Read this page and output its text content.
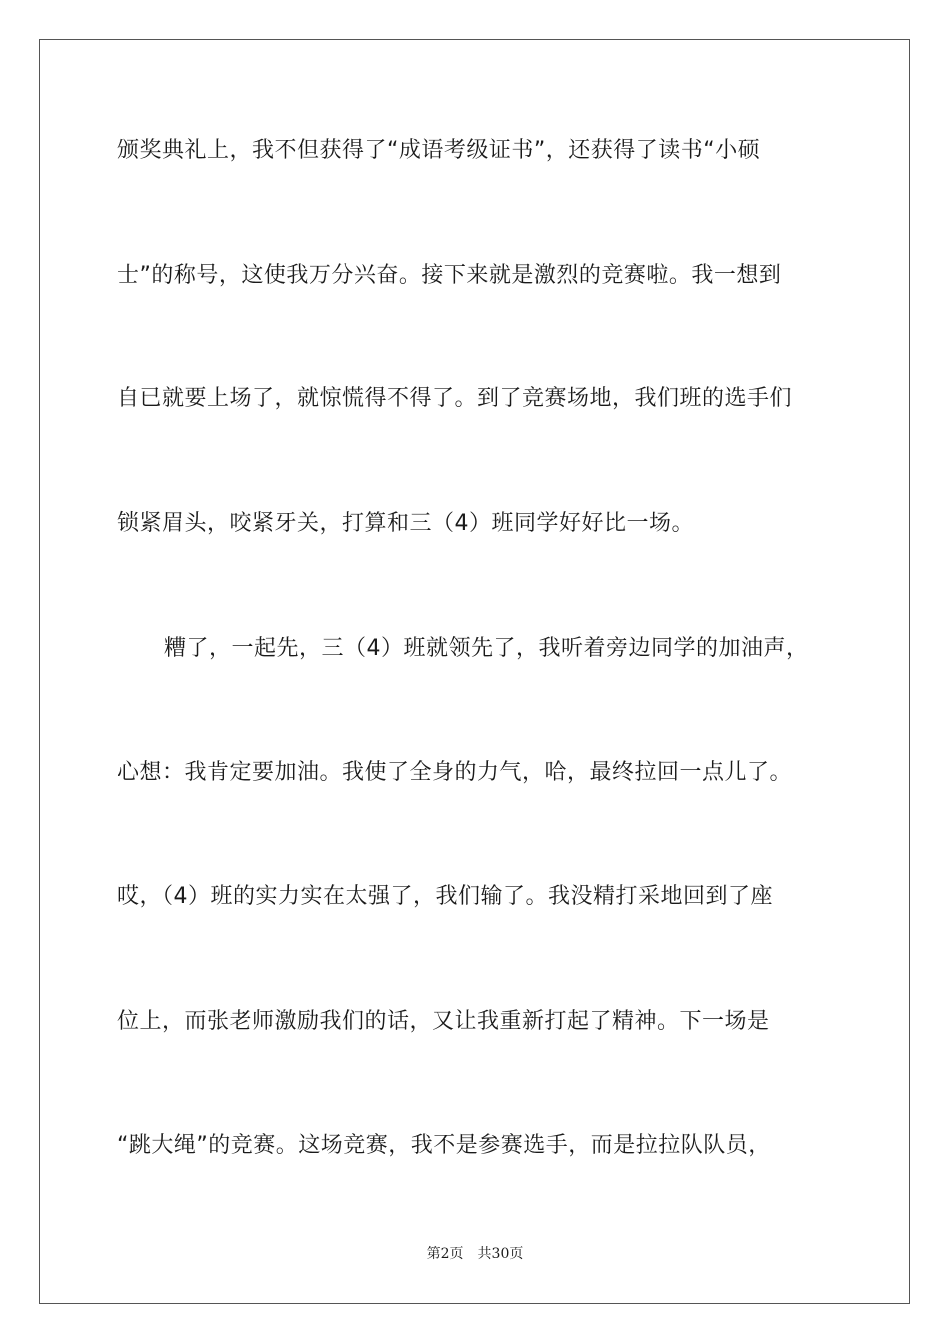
颁奖典礼上，我不但获得了“成语考级证书”，还获得了读书“小硕
士”的称号，这使我万分兴奋。接下来就是激烈的竞赛啦。我一想到
自已就要上场了，就惊慌得不得了。到了竞赛场地，我们班的选手们
锁紧眉头，咬紧牙关，打算和三（4）班同学好好比一场。
糟了，一起先，三（4）班就领先了，我听着旁边同学的加油声，
心想：我肯定要加油。我使了全身的力气，哈，最终拉回一点儿了。
哎，（4）班的实力实在太强了，我们输了。我没精打采地回到了座
位上，而张老师激励我们的话，又让我重新打起了精神。下一场是
“跳大绳”的竞赛。这场竞赛，我不是参赛选手，而是拉拉队队员，
第2页 共30页
